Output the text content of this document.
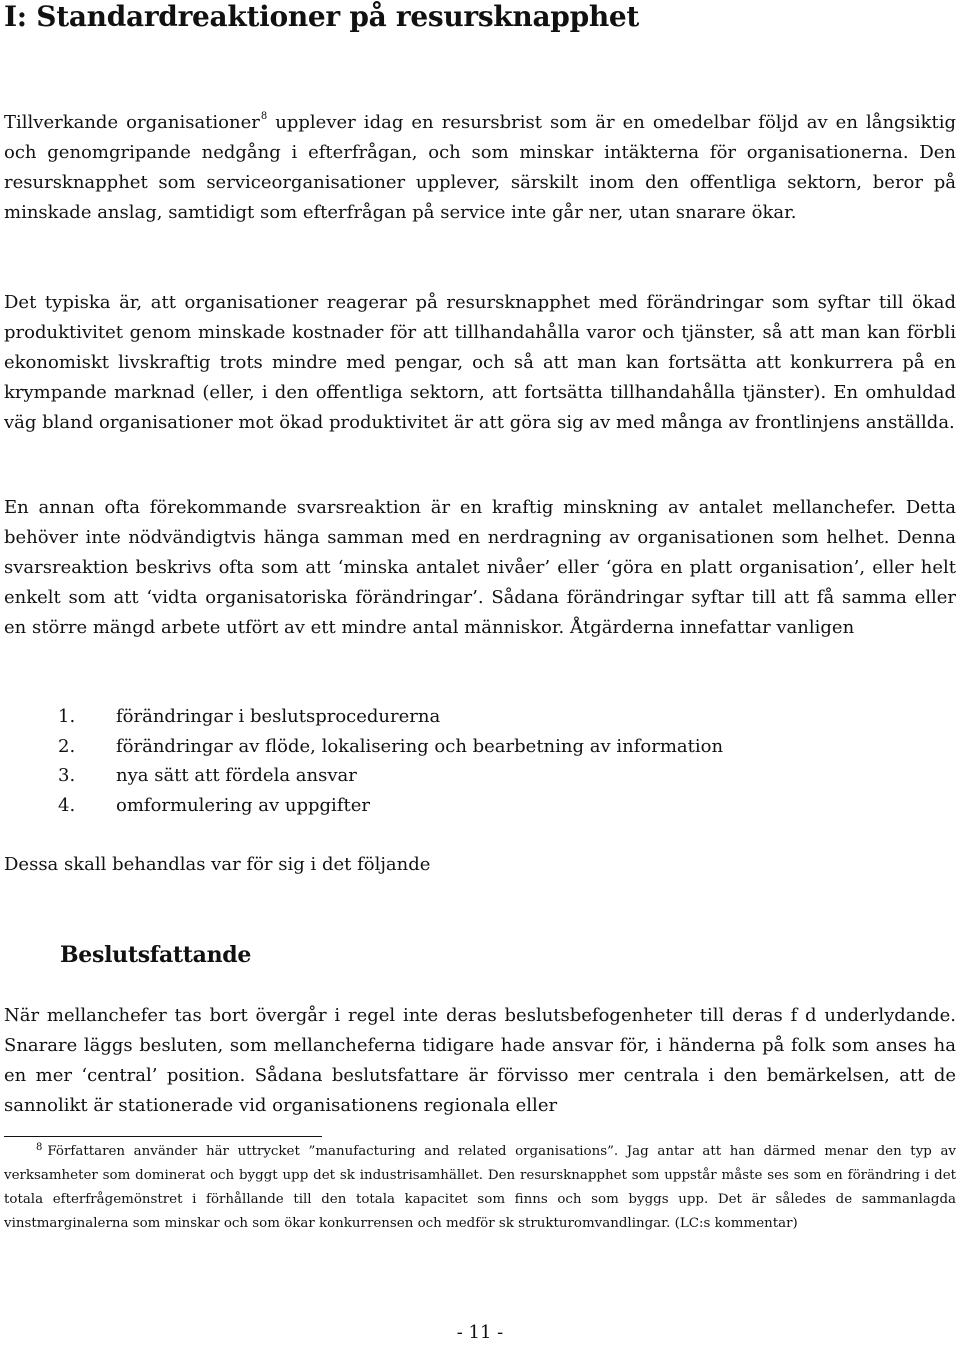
I: Standardreaktioner på resursknapphet

Tillverkande organisationer$^8$ upplever idag en resursbrist som är en omedelbar följd av en långsiktig och genomgripande nedgång i efterfrågan, och som minskar intäkterna för organisationerna. Den resursknapphet som serviceorganisationer upplever, särskilt inom den offentliga sektorn, beror på minskade anslag, samtidigt som efterfrågan på service inte går ner, utan snarare ökar.

Det typiska är, att organisationer reagerar på resursknapphet med förändringar som syftar till ökad produktivitet genom minskade kostnader för att tillhandahålla varor och tjänster, så att man kan förbli ekonomiskt livskraftig trots mindre med pengar, och så att man kan fortsätta att konkurrera på en krympande marknad (eller, i den offentliga sektorn, att fortsätta tillhandahålla tjänster). En omhuldad väg bland organisationer mot ökad produktivitet är att göra sig av med många av frontlinjens anställda.

En annan ofta förekommande svarsreaktion är en kraftig minskning av antalet mellanchefer. Detta behöver inte nödvändigtvis hänga samman med en nerdragning av organisationen som helhet. Denna svarsreaktion beskrivs ofta som att ‘minska antalet nivåer’ eller ‘göra en platt organisation’, eller helt enkelt som att ‘vidta organisatoriska förändringar’. Sådana förändringar syftar till att få samma eller en större mängd arbete utfört av ett mindre antal människor. Åtgärderna innefattar vanligen

1.	förändringar i beslutsprocedurerna
2.	förändringar av flöde, lokalisering och bearbetning av information
3.	nya sätt att fördela ansvar
4.	omformulering av uppgifter

Dessa skall behandlas var för sig i det följande

Beslutsfattande

När mellanchefer tas bort övergår i regel inte deras beslutsbefogenheter till deras f d underlydande. Snarare läggs besluten, som mellancheferna tidigare hade ansvar för, i händerna på folk som anses ha en mer ‘central’ position. Sådana beslutsfattare är förvisso mer centrala i den bemärkelsen, att de sannolikt är stationerade vid organisationens regionala eller

8 Författaren använder här uttrycket ”manufacturing and related organisations”. Jag antar att han därmed menar den typ av verksamheter som dominerat och byggt upp det sk industrisamhället. Den resursknapphet som uppstår måste ses som en förändring i det totala efterfrågemönstret i förhållande till den totala kapacitet som finns och som byggs upp. Det är således de sammanlagda vinstmarginalerna som minskar och som ökar konkurrensen och medför sk strukturomvandlingar. (LC:s kommentar)

- 11 -
